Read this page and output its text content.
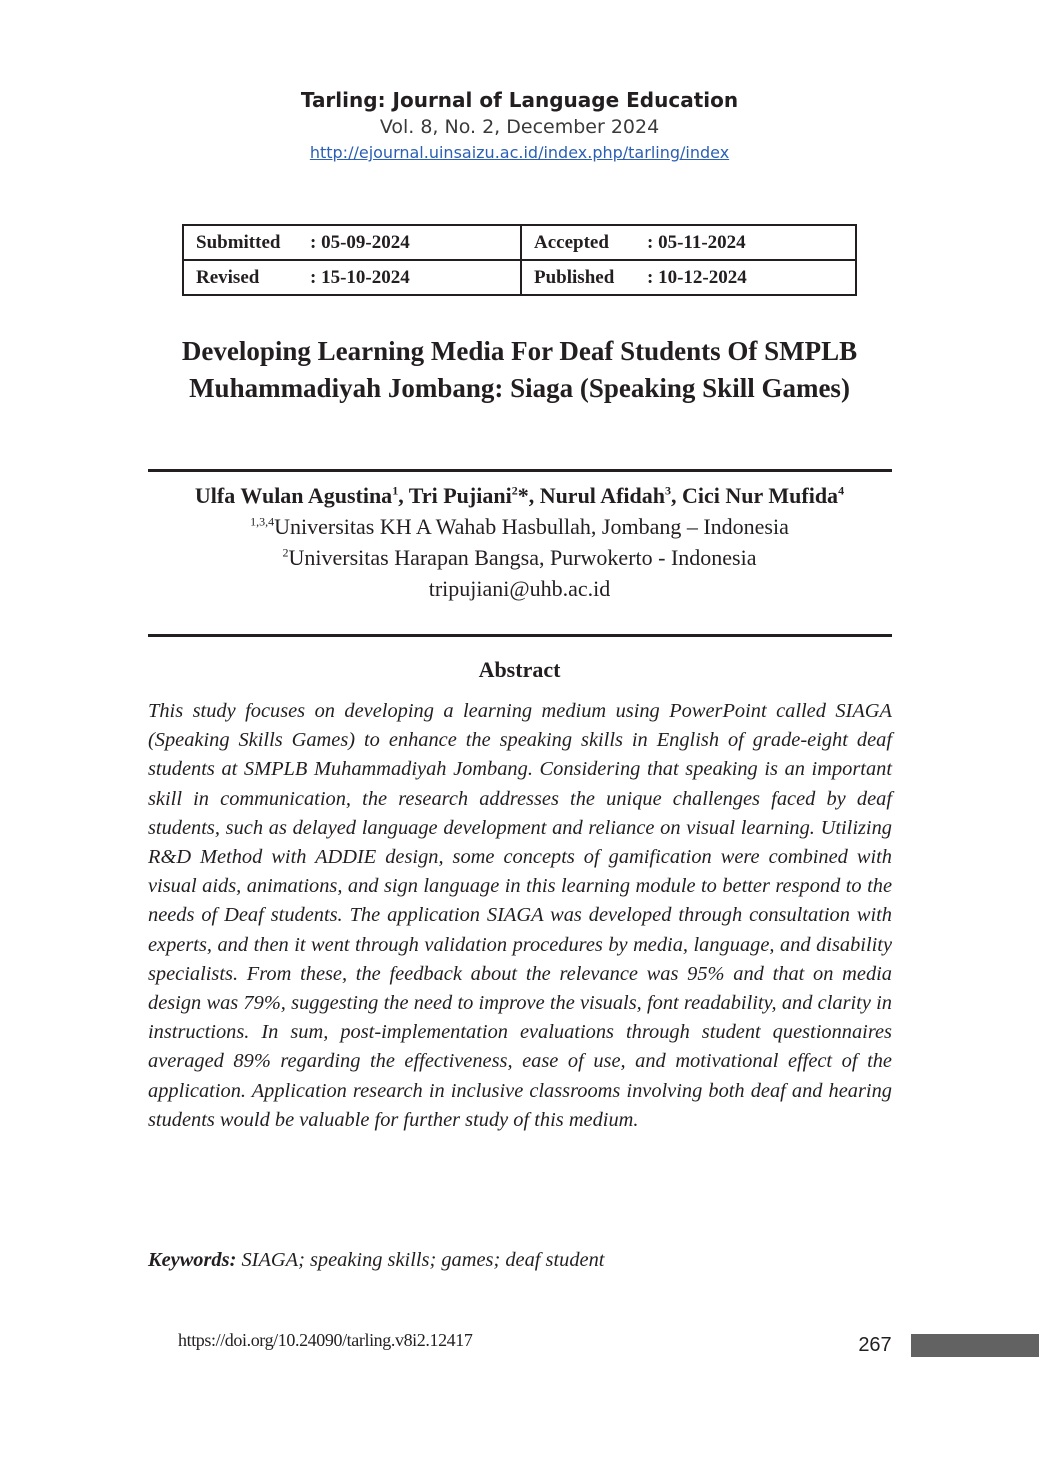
Tarling: Journal of Language Education
Vol. 8, No. 2, December 2024
http://ejournal.uinsaizu.ac.id/index.php/tarling/index
Submitted : 05-09-2024	Accepted : 05-11-2024
Revised : 15-10-2024	Published : 10-12-2024
Developing Learning Media For Deaf Students Of SMPLB
Muhammadiyah Jombang: Siaga (Speaking Skill Games)
Ulfa Wulan Agustina$^1$, Tri Pujiani$^2$*, Nurul Afidah$^3$, Cici Nur Mufida$^4$
$^{1,3,4}$Universitas KH A Wahab Hasbullah, Jombang – Indonesia
$^2$Universitas Harapan Bangsa, Purwokerto - Indonesia
tripujiani@uhb.ac.id
Abstract

This study focuses on developing a learning medium using PowerPoint called SIAGA (Speaking Skills Games) to enhance the speaking skills in English of grade-eight deaf students at SMPLB Muhammadiyah Jombang. Considering that speaking is an important skill in communication, the research addresses the unique challenges faced by deaf students, such as delayed language development and reliance on visual learning. Utilizing R&D Method with ADDIE design, some concepts of gamification were combined with visual aids, animations, and sign language in this learning module to better respond to the needs of Deaf students. The application SIAGA was developed through consultation with experts, and then it went through validation procedures by media, language, and disability specialists. From these, the feedback about the relevance was 95% and that on media design was 79%, suggesting the need to improve the visuals, font readability, and clarity in instructions. In sum, post-implementation evaluations through student questionnaires averaged 89% regarding the effectiveness, ease of use, and motivational effect of the application. Application research in inclusive classrooms involving both deaf and hearing students would be valuable for further study of this medium.

Keywords: SIAGA; speaking skills; games; deaf student
https://doi.org/10.24090/tarling.v8i2.12417	267
